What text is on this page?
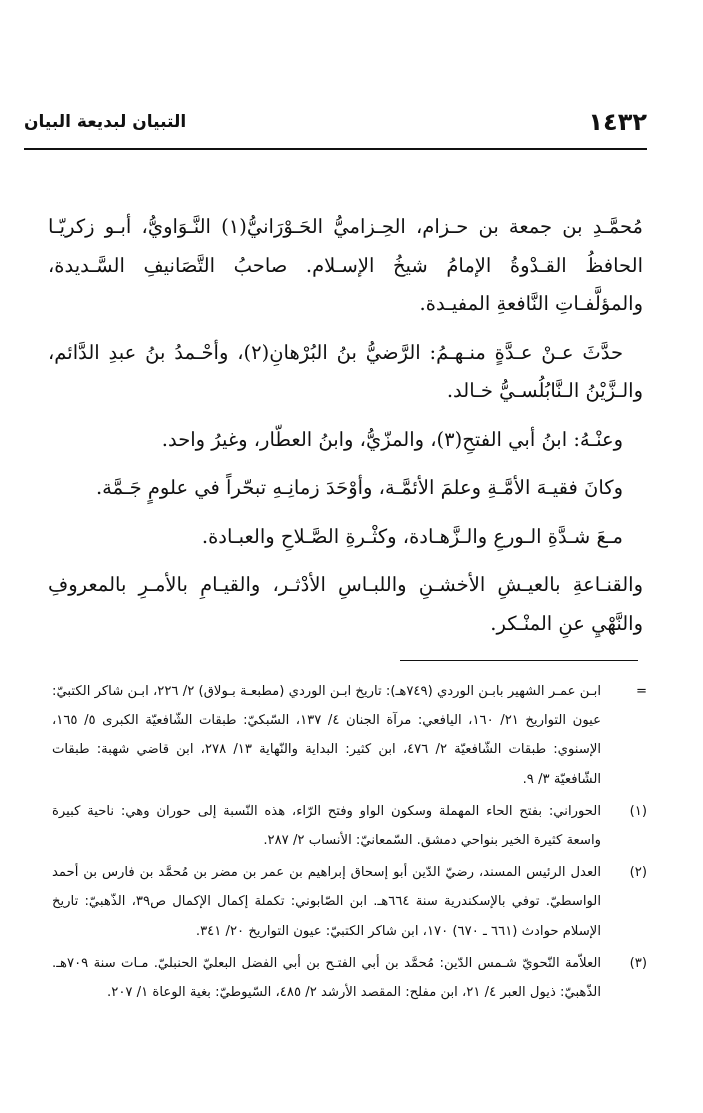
١٤٣٢
التبيان لبديعة البيان

مُحمَّـدِ بن جمعة بن حـزام، الحِـزاميُّ الحَـوْرَانيُّ(١) النَّـوَاويُّ، أبـو زكريّـا الحافظُ القـدْوةُ الإمامُ شيخُ الإسـلام. صاحبُ التَّصَانيفِ السَّـديدة، والمؤلَّفـاتِ النَّافعةِ المفيـدة.

حدَّثَ عـنْ عـدَّةٍ منـهـمُ: الرَّضيُّ بنُ البُرْهانِ(٢)، وأحْـمدُ بنُ عبدِ الدَّائم، والـزَّيْنُ الـنَّابُلُسـيُّ خـالد.

وعنْـهُ: ابنُ أبي الفتحِ(٣)، والمزّيُّ، وابنُ العطّار، وغيرُ واحد.

وكانَ فقيـهَ الأمَّـةِ وعلمَ الأئمَّـة، وأوْحَدَ زمانِـهِ تبحّراً في علومٍ جَـمَّة.

مـعَ شـدَّةِ الـورعِ والـزَّهـادة، وكثْـرةِ الصَّـلاحِ والعبـادة.

والقنـاعةِ بالعيـشِ الأخشـنِ واللبـاسِ الأدْثـر، والقيـامِ بالأمـرِ بالمعروفِ والنَّهْيِ عنِ المنْـكر.

=
ابـن عمـر الشهير بابـن الوردي (٧٤٩هـ): تاريخ ابـن الوردي (مطبعـة بـولاق) ٢/ ٢٢٦، ابـن شاكر الكتبيّ: عيون التواريخ ٢١/ ١٦٠، اليافعي: مرآة الجنان ٤/ ١٣٧، السّبكيّ: طبقات الشّافعيّة الكبرى ٥/ ١٦٥، الإسنوي: طبقات الشّافعيّة ٢/ ٤٧٦، ابن كثير: البداية والنّهاية ١٣/ ٢٧٨، ابن قاضي شهبة: طبقات الشّافعيّة ٣/ ٩.

(١)
الحوراني: بفتح الحاء المهملة وسكون الواو وفتح الرّاء، هذه النّسبة إلى حوران وهي: ناحية كبيرة واسعة كثيرة الخير بنواحي دمشق. السّمعانيّ: الأنساب ٢/ ٢٨٧.

(٢)
العدل الرئيس المسند، رضيّ الدّين أبو إسحاق إبراهيم بن عمر بن مضر بن مُحمَّد بن فارس بن أحمد الواسطيّ. توفي بالإسكندرية سنة ٦٦٤هـ. ابن الصّابوني: تكملة إكمال الإكمال ص٣٩، الذّهبيّ: تاريخ الإسلام حوادث (٦٦١ ـ ٦٧٠) ١٧٠، ابن شاكر الكتبيّ: عيون التواريخ ٢٠/ ٣٤١.

(٣)
العلاّمة النّحويّ شـمس الدّين: مُحمَّد بن أبي الفتـح بن أبي الفضل البعليّ الحنبليّ. مـات سنة ٧٠٩هـ. الذّهبيّ: ذيول العبر ٤/ ٢١، ابن مفلح: المقصد الأرشد ٢/ ٤٨٥، السّيوطيّ: بغية الوعاة ١/ ٢٠٧.
